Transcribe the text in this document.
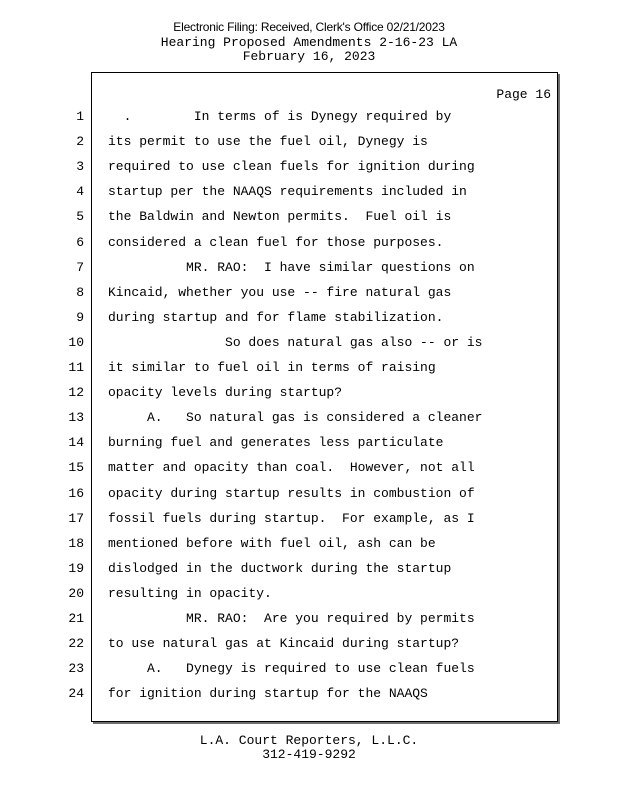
Electronic Filing: Received, Clerk's Office 02/21/2023
Hearing Proposed Amendments 2-16-23 LA
February 16, 2023
Page 16
1 .        In terms of is Dynegy required by
2 its permit to use the fuel oil, Dynegy is
3 required to use clean fuels for ignition during
4 startup per the NAAQS requirements included in
5 the Baldwin and Newton permits.  Fuel oil is
6 considered a clean fuel for those purposes.
7 MR. RAO:  I have similar questions on
8 Kincaid, whether you use -- fire natural gas
9 during startup and for flame stabilization.
10 So does natural gas also -- or is
11 it similar to fuel oil in terms of raising
12 opacity levels during startup?
13 A.   So natural gas is considered a cleaner
14 burning fuel and generates less particulate
15 matter and opacity than coal.  However, not all
16 opacity during startup results in combustion of
17 fossil fuels during startup.  For example, as I
18 mentioned before with fuel oil, ash can be
19 dislodged in the ductwork during the startup
20 resulting in opacity.
21 MR. RAO:  Are you required by permits
22 to use natural gas at Kincaid during startup?
23 A.   Dynegy is required to use clean fuels
24 for ignition during startup for the NAAQS
L.A. Court Reporters, L.L.C.
312-419-9292
